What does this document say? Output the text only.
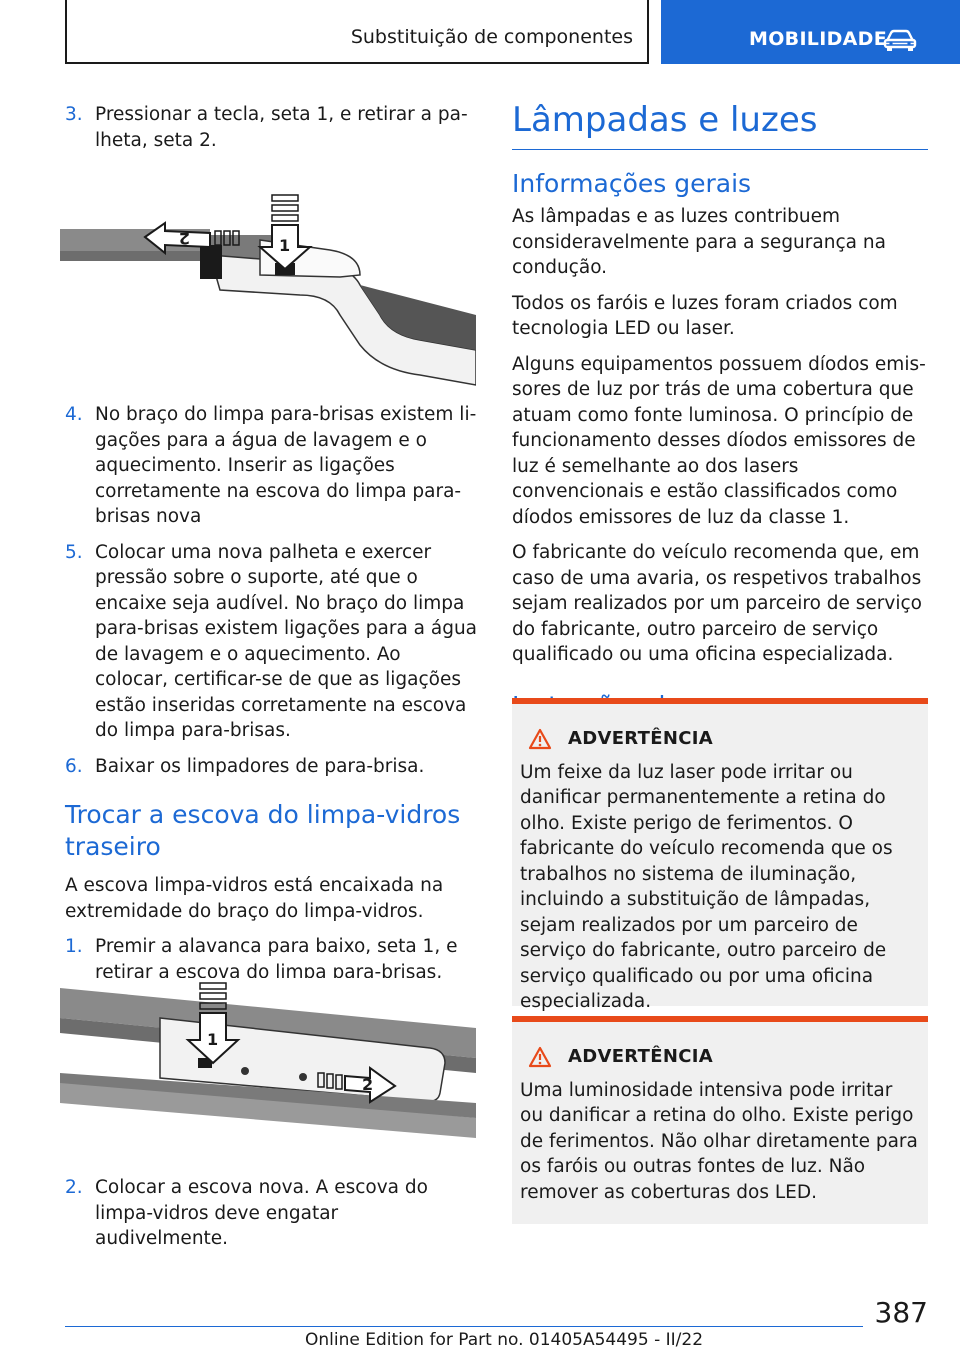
Substituição de componentes	MOBILIDADE
3. Pressionar a tecla, seta 1, e retirar a palheta, seta 2.
2	1
4. No braço do limpa para-brisas existem ligações para a água de lavagem e o aquecimento. Inserir as ligações corretamente na escova do limpa para-brisas nova
5. Colocar uma nova palheta e exercer pressão sobre o suporte, até que o encaixe seja audível. No braço do limpa para-brisas existem ligações para a água de lavagem e o aquecimento. Ao colocar, certificar-se de que as ligações estão inseridas corretamente na escova do limpa para-brisas.
6. Baixar os limpadores de para-brisa.
Trocar a escova do limpa-vidros traseiro

A escova limpa-vidros está encaixada na extremidade do braço do limpa-vidros.

1. Premir a alavanca para baixo, seta 1, e retirar a escova do limpa para-brisas,
1
2
2. Colocar a escova nova. A escova do limpa-vidros deve engatar audivelmente.
Lâmpadas e luzes
Informações gerais

As lâmpadas e as luzes contribuem consideravelmente para a segurança na condução.

Todos os faróis e luzes foram criados com tecnologia LED ou laser.

Alguns equipamentos possuem díodos emissores de luz por trás de uma cobertura que atuam como fonte luminosa. O princípio de funcionamento desses díodos emissores de luz é semelhante ao dos lasers convencionais e estão classificados como díodos emissores de luz da classe 1.

O fabricante do veículo recomenda que, em caso de uma avaria, os respetivos trabalhos sejam realizados por um parceiro de serviço do fabricante, outro parceiro de serviço qualificado ou uma oficina especializada.

ADVERTÊNCIA
Um feixe da luz laser pode irritar ou danificar permanentemente a retina do olho. Existe perigo de ferimentos. O fabricante do veículo recomenda que os trabalhos no sistema de iluminação, incluindo a substituição de lâmpadas, sejam realizados por um parceiro de serviço do fabricante, outro parceiro de serviço qualificado ou por uma oficina especializada.
ADVERTÊNCIA
Uma luminosidade intensiva pode irritar ou danificar a retina do olho. Existe perigo de ferimentos. Não olhar diretamente para os faróis ou outras fontes de luz. Não remover as coberturas dos LED.
387
Online Edition for Part no. 01405A54495 - II/22
